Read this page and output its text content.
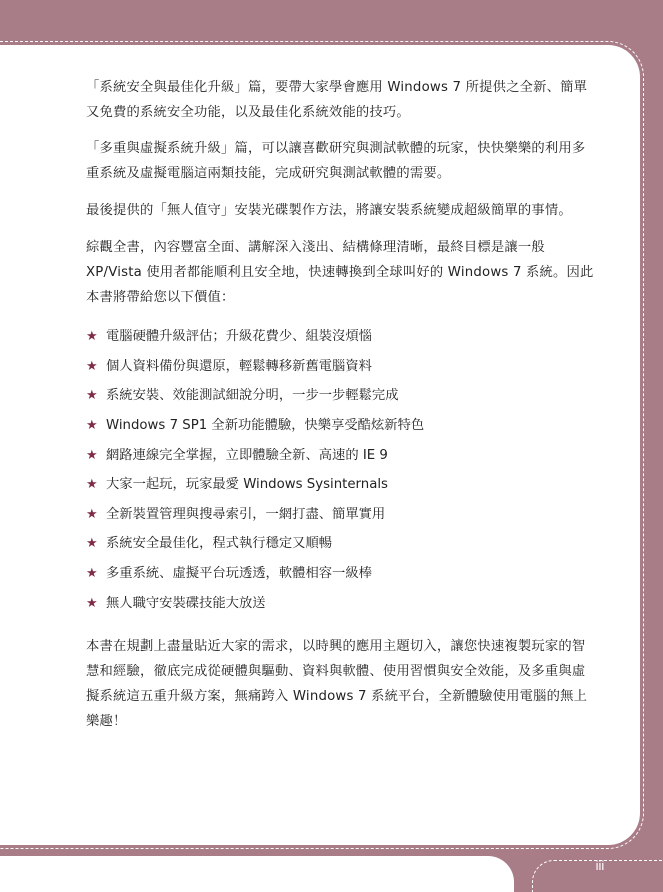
iii

「系統安全與最佳化升級」篇，要帶大家學會應用 Windows 7 所提供之全新、簡單又免費的系統安全功能，以及最佳化系統效能的技巧。

「多重與虛擬系統升級」篇，可以讓喜歡研究與測試軟體的玩家，快快樂樂的利用多重系統及虛擬電腦這兩類技能，完成研究與測試軟體的需要。

最後提供的「無人值守」安裝光碟製作方法，將讓安裝系統變成超級簡單的事情。

綜觀全書，內容豐富全面、講解深入淺出、結構條理清晰，最終目標是讓一般 XP/Vista 使用者都能順利且安全地，快速轉換到全球叫好的 Windows 7 系統。因此本書將帶給您以下價值：

★ 電腦硬體升級評估；升級花費少、組裝沒煩惱
★ 個人資料備份與還原，輕鬆轉移新舊電腦資料
★ 系統安裝、效能測試細說分明，一步一步輕鬆完成
★ Windows 7 SP1 全新功能體驗，快樂享受酷炫新特色
★ 網路連線完全掌握，立即體驗全新、高速的 IE 9
★ 大家一起玩，玩家最愛 Windows Sysinternals
★ 全新裝置管理與搜尋索引，一網打盡、簡單實用
★ 系統安全最佳化，程式執行穩定又順暢
★ 多重系統、虛擬平台玩透透，軟體相容一級棒
★ 無人職守安裝碟技能大放送

本書在規劃上盡量貼近大家的需求，以時興的應用主題切入，讓您快速複製玩家的智慧和經驗，徹底完成從硬體與驅動、資料與軟體、使用習慣與安全效能，及多重與虛擬系統這五重升級方案，無痛跨入 Windows 7 系統平台，全新體驗使用電腦的無上樂趣！
